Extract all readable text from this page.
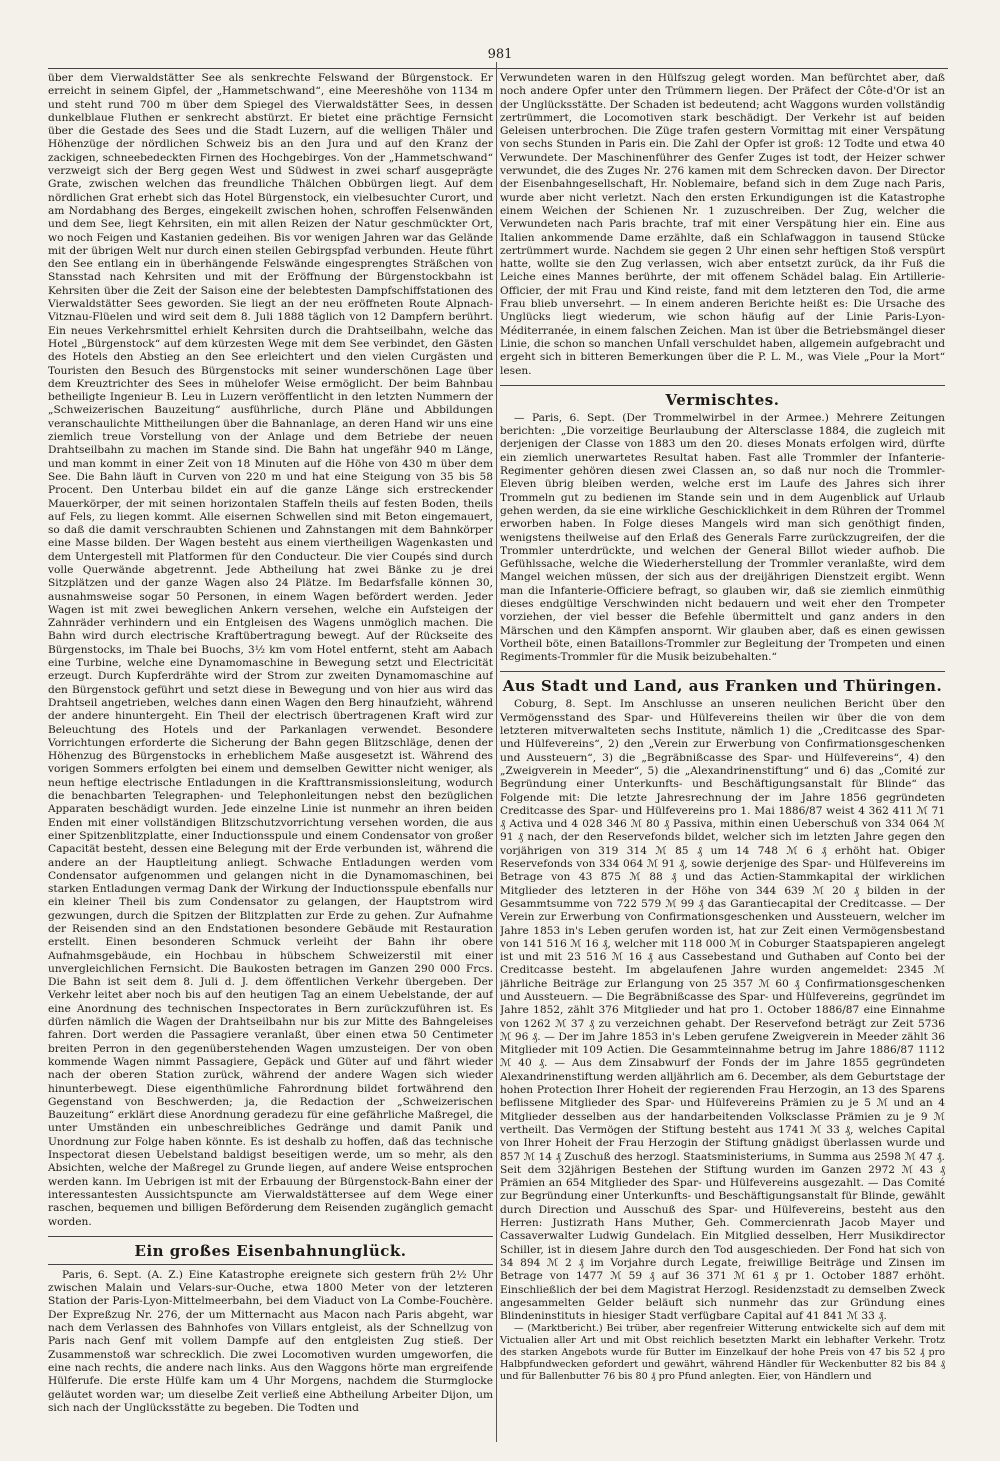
981

über dem Vierwaldstätter See als senkrechte Felswand der Bürgenstock. Er erreicht in seinem Gipfel, der „Hammetschwand“, eine Meereshöhe von 1134 m und steht rund 700 m über dem Spiegel des Vierwaldstätter Sees, in dessen dunkelblaue Fluthen er senkrecht abstürzt. Er bietet eine prächtige Fernsicht über die Gestade des Sees und die Stadt Luzern, auf die welligen Thäler und Höhenzüge der nördlichen Schweiz bis an den Jura und auf den Kranz der zackigen, schneebedeckten Firnen des Hochgebirges. Von der „Hammetschwand“ verzweigt sich der Berg gegen West und Südwest in zwei scharf ausgeprägte Grate, zwischen welchen das freundliche Thälchen Obbürgen liegt. Auf dem nördlichen Grat erhebt sich das Hotel Bürgenstock, ein vielbesuchter Curort, und am Nordabhang des Berges, eingekeilt zwischen hohen, schroffen Felsenwänden und dem See, liegt Kehrsiten, ein mit allen Reizen der Natur geschmückter Ort, wo noch Feigen und Kastanien gedeihen. Bis vor wenigen Jahren war das Gelände mit der übrigen Welt nur durch einen steilen Gebirgspfad verbunden. Heute führt den See entlang ein in überhängende Felswände eingesprengtes Sträßchen von Stansstad nach Kehrsiten und mit der Eröffnung der Bürgenstockbahn ist Kehrsiten über die Zeit der Saison eine der belebtesten Dampfschiffstationen des Vierwaldstätter Sees geworden. Sie liegt an der neu eröffneten Route Alpnach-Vitznau-Flüelen und wird seit dem 8. Juli 1888 täglich von 12 Dampfern berührt. Ein neues Verkehrsmittel erhielt Kehrsiten durch die Drahtseilbahn, welche das Hotel „Bürgenstock“ auf dem kürzesten Wege mit dem See verbindet, den Gästen des Hotels den Abstieg an den See erleichtert und den vielen Curgästen und Touristen den Besuch des Bürgenstocks mit seiner wunderschönen Lage über dem Kreuztrichter des Sees in mühelofer Weise ermöglicht. Der beim Bahnbau betheiligte Ingenieur B. Leu in Luzern veröffentlicht in den letzten Nummern der „Schweizerischen Bauzeitung“ ausführliche, durch Pläne und Abbildungen veranschaulichte Mittheilungen über die Bahnanlage, an deren Hand wir uns eine ziemlich treue Vorstellung von der Anlage und dem Betriebe der neuen Drahtseilbahn zu machen im Stande sind. Die Bahn hat ungefähr 940 m Länge, und man kommt in einer Zeit von 18 Minuten auf die Höhe von 430 m über dem See. Die Bahn läuft in Curven von 220 m und hat eine Steigung von 35 bis 58 Procent. Den Unterbau bildet ein auf die ganze Länge sich erstreckender Mauerkörper, der mit seinen horizontalen Staffeln theils auf festen Boden, theils auf Fels, zu liegen kommt. Alle eisernen Schwellen sind mit Beton eingemauert, so daß die damit verschraubten Schienen und Zahnstangen mit dem Bahnkörper eine Masse bilden. Der Wagen besteht aus einem viertheiligen Wagenkasten und dem Untergestell mit Platformen für den Conducteur. Die vier Coupés sind durch volle Querwände abgetrennt. Jede Abtheilung hat zwei Bänke zu je drei Sitzplätzen und der ganze Wagen also 24 Plätze. Im Bedarfsfalle können 30, ausnahmsweise sogar 50 Personen, in einem Wagen befördert werden. Jeder Wagen ist mit zwei beweglichen Ankern versehen, welche ein Aufsteigen der Zahnräder verhindern und ein Entgleisen des Wagens unmöglich machen. Die Bahn wird durch electrische Kraftübertragung bewegt. Auf der Rückseite des Bürgenstocks, im Thale bei Buochs, 3½ km vom Hotel entfernt, steht am Aabach eine Turbine, welche eine Dynamomaschine in Bewegung setzt und Electricität erzeugt. Durch Kupferdrähte wird der Strom zur zweiten Dynamomaschine auf den Bürgenstock geführt und setzt diese in Bewegung und von hier aus wird das Drahtseil angetrieben, welches dann einen Wagen den Berg hinaufzieht, während der andere hinuntergeht. Ein Theil der electrisch übertragenen Kraft wird zur Beleuchtung des Hotels und der Parkanlagen verwendet. Besondere Vorrichtungen erforderte die Sicherung der Bahn gegen Blitzschläge, denen der Höhenzug des Bürgenstocks in erheblichem Maße ausgesetzt ist. Während des vorigen Sommers erfolgten bei einem und demselben Gewitter nicht weniger, als neun heftige electrische Entladungen in die Krafttransmissionsleitung, wodurch die benachbarten Telegraphen- und Telephonleitungen nebst den bezüglichen Apparaten beschädigt wurden. Jede einzelne Linie ist nunmehr an ihren beiden Enden mit einer vollständigen Blitzschutzvorrichtung versehen worden, die aus einer Spitzenblitzplatte, einer Inductionsspule und einem Condensator von großer Capacität besteht, dessen eine Belegung mit der Erde verbunden ist, während die andere an der Hauptleitung anliegt. Schwache Entladungen werden vom Condensator aufgenommen und gelangen nicht in die Dynamomaschinen, bei starken Entladungen vermag Dank der Wirkung der Inductionsspule ebenfalls nur ein kleiner Theil bis zum Condensator zu gelangen, der Hauptstrom wird gezwungen, durch die Spitzen der Blitzplatten zur Erde zu gehen. Zur Aufnahme der Reisenden sind an den Endstationen besondere Gebäude mit Restauration erstellt. Einen besonderen Schmuck verleiht der Bahn ihr obere Aufnahmsgebäude, ein Hochbau in hübschem Schweizerstil mit einer unvergleichlichen Fernsicht. Die Baukosten betragen im Ganzen 290 000 Frcs. Die Bahn ist seit dem 8. Juli d. J. dem öffentlichen Verkehr übergeben. Der Verkehr leitet aber noch bis auf den heutigen Tag an einem Uebelstande, der auf eine Anordnung des technischen Inspectorates in Bern zurückzuführen ist. Es dürfen nämlich die Wagen der Drahtseilbahn nur bis zur Mitte des Bahngeleises fahren. Dort werden die Passagiere veranlaßt, über einen etwa 50 Centimeter breiten Perron in den gegenüberstehenden Wagen umzusteigen. Der von oben kommende Wagen nimmt Passagiere, Gepäck und Güter auf und fährt wieder nach der oberen Station zurück, während der andere Wagen sich wieder hinunterbewegt. Diese eigenthümliche Fahrordnung bildet fortwährend den Gegenstand von Beschwerden; ja, die Redaction der „Schweizerischen Bauzeitung“ erklärt diese Anordnung geradezu für eine gefährliche Maßregel, die unter Umständen ein unbeschreibliches Gedränge und damit Panik und Unordnung zur Folge haben könnte. Es ist deshalb zu hoffen, daß das technische Inspectorat diesen Uebelstand baldigst beseitigen werde, um so mehr, als den Absichten, welche der Maßregel zu Grunde liegen, auf andere Weise entsprochen werden kann. Im Uebrigen ist mit der Erbauung der Bürgenstock-Bahn einer der interessantesten Aussichtspuncte am Vierwaldstättersee auf dem Wege einer raschen, bequemen und billigen Beförderung dem Reisenden zugänglich gemacht worden.

Ein großes Eisenbahnunglück.

Paris, 6. Sept. (A. Z.) Eine Katastrophe ereignete sich gestern früh 2½ Uhr zwischen Malain und Velars-sur-Ouche, etwa 1800 Meter von der letzteren Station der Paris-Lyon-Mittelmeerbahn, bei dem Viaduct von La Combe-Fouchère. Der Expreßzug Nr. 276, der um Mitternacht aus Macon nach Paris abgeht, war nach dem Verlassen des Bahnhofes von Villars entgleist, als der Schnellzug von Paris nach Genf mit vollem Dampfe auf den entgleisten Zug stieß. Der Zusammenstoß war schrecklich. Die zwei Locomotiven wurden umgeworfen, die eine nach rechts, die andere nach links. Aus den Waggons hörte man ergreifende Hülferufe. Die erste Hülfe kam um 4 Uhr Morgens, nachdem die Sturmglocke geläutet worden war; um dieselbe Zeit verließ eine Abtheilung Arbeiter Dijon, um sich nach der Unglücksstätte zu begeben. Die Todten und

Verwundeten waren in den Hülfszug gelegt worden. Man befürchtet aber, daß noch andere Opfer unter den Trümmern liegen. Der Präfect der Côte-d'Or ist an der Unglücksstätte. Der Schaden ist bedeutend; acht Waggons wurden vollständig zertrümmert, die Locomotiven stark beschädigt. Der Verkehr ist auf beiden Geleisen unterbrochen. Die Züge trafen gestern Vormittag mit einer Verspätung von sechs Stunden in Paris ein. Die Zahl der Opfer ist groß: 12 Todte und etwa 40 Verwundete. Der Maschinenführer des Genfer Zuges ist todt, der Heizer schwer verwundet, die des Zuges Nr. 276 kamen mit dem Schrecken davon. Der Director der Eisenbahngesellschaft, Hr. Noblemaire, befand sich in dem Zuge nach Paris, wurde aber nicht verletzt. Nach den ersten Erkundigungen ist die Katastrophe einem Weichen der Schienen Nr. 1 zuzuschreiben. Der Zug, welcher die Verwundeten nach Paris brachte, traf mit einer Verspätung hier ein. Eine aus Italien ankommende Dame erzählte, daß ein Schlafwaggon in tausend Stücke zertrümmert wurde. Nachdem sie gegen 2 Uhr einen sehr heftigen Stoß verspürt hatte, wollte sie den Zug verlassen, wich aber entsetzt zurück, da ihr Fuß die Leiche eines Mannes berührte, der mit offenem Schädel balag. Ein Artillerie-Officier, der mit Frau und Kind reiste, fand mit dem letzteren den Tod, die arme Frau blieb unversehrt. — In einem anderen Berichte heißt es: Die Ursache des Unglücks liegt wiederum, wie schon häufig auf der Linie Paris-Lyon-Méditerranée, in einem falschen Zeichen. Man ist über die Betriebsmängel dieser Linie, die schon so manchen Unfall verschuldet haben, allgemein aufgebracht und ergeht sich in bitteren Bemerkungen über die P. L. M., was Viele „Pour la Mort“ lesen.

Vermischtes.

— Paris, 6. Sept. (Der Trommelwirbel in der Armee.) Mehrere Zeitungen berichten: „Die vorzeitige Beurlaubung der Altersclasse 1884, die zugleich mit derjenigen der Classe von 1883 um den 20. dieses Monats erfolgen wird, dürfte ein ziemlich unerwartetes Resultat haben. Fast alle Trommler der Infanterie-Regimenter gehören diesen zwei Classen an, so daß nur noch die Trommler-Eleven übrig bleiben werden, welche erst im Laufe des Jahres sich ihrer Trommeln gut zu bedienen im Stande sein und in dem Augenblick auf Urlaub gehen werden, da sie eine wirkliche Geschicklichkeit in dem Rühren der Trommel erworben haben. In Folge dieses Mangels wird man sich genöthigt finden, wenigstens theilweise auf den Erlaß des Generals Farre zurückzugreifen, der die Trommler unterdrückte, und welchen der General Billot wieder aufhob. Die Gefühlssache, welche die Wiederherstellung der Trommler veranlaßte, wird dem Mangel weichen müssen, der sich aus der dreijährigen Dienstzeit ergibt. Wenn man die Infanterie-Officiere befragt, so glauben wir, daß sie ziemlich einmüthig dieses endgültige Verschwinden nicht bedauern und weit eher den Trompeter vorziehen, der viel besser die Befehle übermittelt und ganz anders in den Märschen und den Kämpfen anspornt. Wir glauben aber, daß es einen gewissen Vortheil böte, einen Bataillons-Trommler zur Begleitung der Trompeten und einen Regiments-Trommler für die Musik beizubehalten.“

Aus Stadt und Land, aus Franken und Thüringen.

Coburg, 8. Sept. Im Anschlusse an unseren neulichen Bericht über den Vermögensstand des Spar- und Hülfevereins theilen wir über die von dem letzteren mitverwalteten sechs Institute, nämlich 1) die „Creditcasse des Spar- und Hülfevereins“, 2) den „Verein zur Erwerbung von Confirmationsgeschenken und Aussteuern“, 3) die „Begräbnißcasse des Spar- und Hülfevereins“, 4) den „Zweigverein in Meeder“, 5) die „Alexandrinenstiftung“ und 6) das „Comité zur Begründung einer Unterkunfts- und Beschäftigungsanstalt für Blinde“ das Folgende mit: Die letzte Jahresrechnung der im Jahre 1856 gegründeten Creditcasse des Spar- und Hülfevereins pro 1. Mai 1886/87 weist 4 362 411 ℳ 71 ₰ Activa und 4 028 346 ℳ 80 ₰ Passiva, mithin einen Ueberschuß von 334 064 ℳ 91 ₰ nach, der den Reservefonds bildet, welcher sich im letzten Jahre gegen den vorjährigen von 319 314 ℳ 85 ₰ um 14 748 ℳ 6 ₰ erhöht hat. Obiger Reservefonds von 334 064 ℳ 91 ₰, sowie derjenige des Spar- und Hülfevereins im Betrage von 43 875 ℳ 88 ₰ und das Actien-Stammkapital der wirklichen Mitglieder des letzteren in der Höhe von 344 639 ℳ 20 ₰ bilden in der Gesammtsumme von 722 579 ℳ 99 ₰ das Garantiecapital der Creditcasse. — Der Verein zur Erwerbung von Confirmationsgeschenken und Aussteuern, welcher im Jahre 1853 in's Leben gerufen worden ist, hat zur Zeit einen Vermögensbestand von 141 516 ℳ 16 ₰, welcher mit 118 000 ℳ in Coburger Staatspapieren angelegt ist und mit 23 516 ℳ 16 ₰ aus Cassebestand und Guthaben auf Conto bei der Creditcasse besteht. Im abgelaufenen Jahre wurden angemeldet: 2345 ℳ jährliche Beiträge zur Erlangung von 25 357 ℳ 60 ₰ Confirmationsgeschenken und Aussteuern. — Die Begräbnißcasse des Spar- und Hülfevereins, gegründet im Jahre 1852, zählt 376 Mitglieder und hat pro 1. October 1886/87 eine Einnahme von 1262 ℳ 37 ₰ zu verzeichnen gehabt. Der Reservefond beträgt zur Zeit 5736 ℳ 96 ₰. — Der im Jahre 1853 in's Leben gerufene Zweigverein in Meeder zählt 36 Mitglieder mit 109 Actien. Die Gesammteinnahme betrug im Jahre 1886/87 1112 ℳ 40 ₰. — Aus dem Zinsabwurf der Fonds der im Jahre 1855 gegründeten Alexandrinenstiftung werden alljährlich am 6. December, als dem Geburtstage der hohen Protection Ihrer Hoheit der regierenden Frau Herzogin, an 13 des Sparens beflissene Mitglieder des Spar- und Hülfevereins Prämien zu je 5 ℳ und an 4 Mitglieder desselben aus der handarbeitenden Volksclasse Prämien zu je 9 ℳ vertheilt. Das Vermögen der Stiftung besteht aus 1741 ℳ 33 ₰, welches Capital von Ihrer Hoheit der Frau Herzogin der Stiftung gnädigst überlassen wurde und 857 ℳ 14 ₰ Zuschuß des herzogl. Staatsministeriums, in Summa aus 2598 ℳ 47 ₰. Seit dem 32jährigen Bestehen der Stiftung wurden im Ganzen 2972 ℳ 43 ₰ Prämien an 654 Mitglieder des Spar- und Hülfevereins ausgezahlt. — Das Comité zur Begründung einer Unterkunfts- und Beschäftigungsanstalt für Blinde, gewählt durch Direction und Ausschuß des Spar- und Hülfevereins, besteht aus den Herren: Justizrath Hans Muther, Geh. Commercienrath Jacob Mayer und Cassaverwalter Ludwig Gundelach. Ein Mitglied desselben, Herr Musikdirector Schiller, ist in diesem Jahre durch den Tod ausgeschieden. Der Fond hat sich von 34 894 ℳ 2 ₰ im Vorjahre durch Legate, freiwillige Beiträge und Zinsen im Betrage von 1477 ℳ 59 ₰ auf 36 371 ℳ 61 ₰ pr 1. October 1887 erhöht. Einschließlich der bei dem Magistrat Herzogl. Residenzstadt zu demselben Zweck angesammelten Gelder beläuft sich nunmehr das zur Gründung eines Blindeninstituts in hiesiger Stadt verfügbare Capital auf 41 841 ℳ 33 ₰.

— (Marktbericht.) Bei trüber, aber regenfreier Witterung entwickelte sich auf dem mit Victualien aller Art und mit Obst reichlich besetzten Markt ein lebhafter Verkehr. Trotz des starken Angebots wurde für Butter im Einzelkauf der hohe Preis von 47 bis 52 ₰ pro Halbpfundwecken gefordert und gewährt, während Händler für Weckenbutter 82 bis 84 ₰ und für Ballenbutter 76 bis 80 ₰ pro Pfund anlegten. Eier, von Händlern und
